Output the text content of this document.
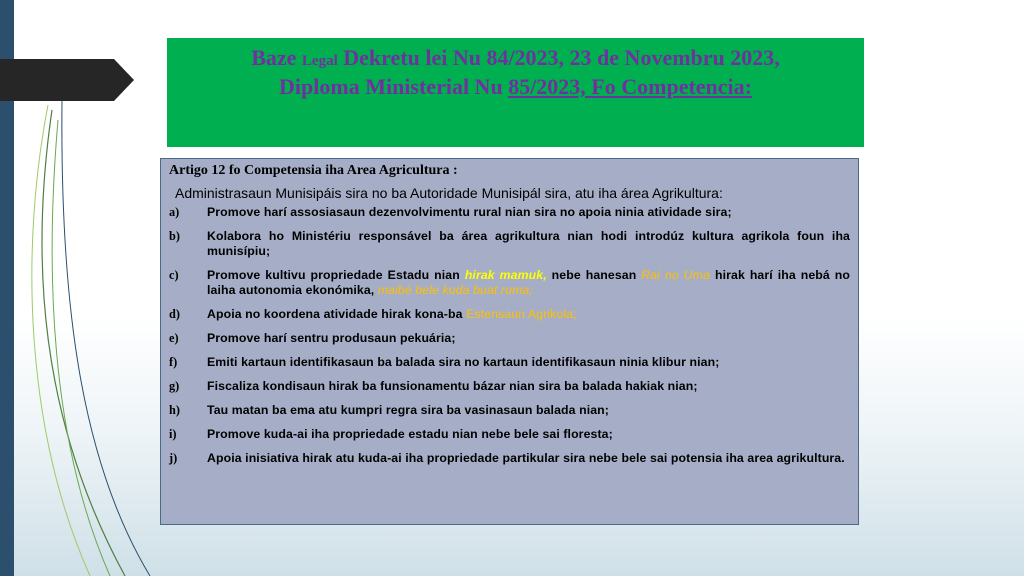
Baze Legal Dekretu lei Nu 84/2023, 23 de Novembru 2023,
Diploma Ministerial Nu 85/2023, Fo Competencia:
Artigo 12 fo Competensia iha Area Agricultura :
Administrasaun Munisipáis sira no ba Autoridade Munisipál sira, atu iha área Agrikultura:
a)	Promove harí assosiasaun dezenvolvimentu rural nian sira no apoia ninia atividade sira;
b)	Kolabora ho Ministériu responsável ba área agrikultura nian hodi introdúz kultura agrikola foun iha munisípiu;
c)	Promove kultivu propriedade Estadu nian hirak mamuk, nebe hanesan Rai no Uma hirak harí iha nebá no laiha autonomia ekonómika, maibé bele kuda buat ruma;
d)	Apoia no koordena atividade hirak kona-ba Estensaun Agrikola;
e)	Promove harí sentru produsaun pekuária;
f)	Emiti kartaun identifikasaun ba balada sira no kartaun identifikasaun ninia klibur nian;
g)	Fiscaliza kondisaun hirak ba funsionamentu bázar nian sira ba balada hakiak nian;
h)	Tau matan ba ema atu kumpri regra sira ba vasinasaun balada nian;
i)	Promove kuda-ai iha propriedade estadu nian nebe bele sai floresta;
j)	Apoia inisiativa hirak atu kuda-ai iha propriedade partikular sira nebe bele sai potensia iha area agrikultura.
